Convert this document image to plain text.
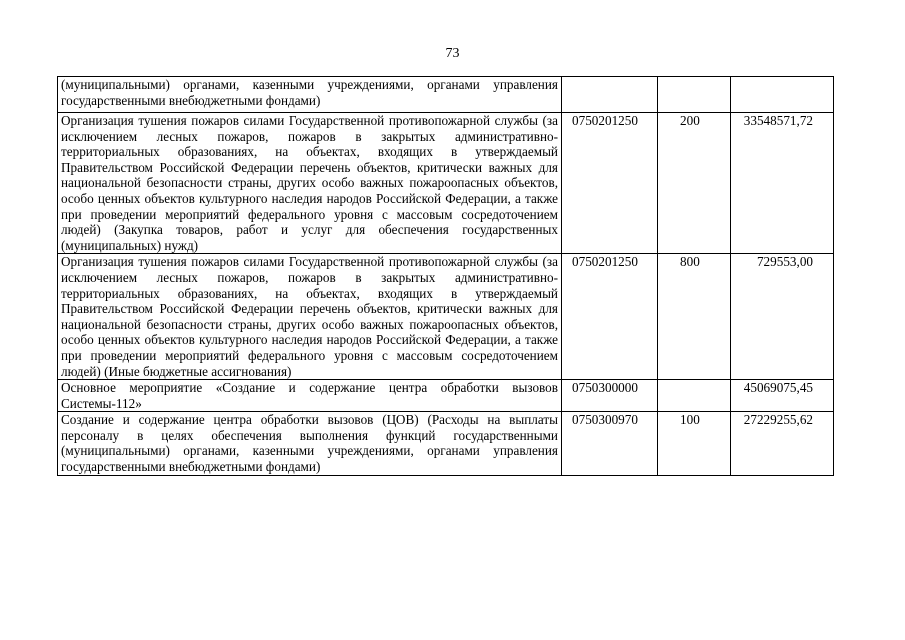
73
(муниципальными) органами, казенными учреждениями, органами управления государственными внебюджетными фондами)			
Организация тушения пожаров силами Государственной противопожарной службы (за исключением лесных пожаров, пожаров в закрытых административно-территориальных образованиях, на объектах, входящих в утверждаемый Правительством Российской Федерации перечень объектов, критически важных для национальной безопасности страны, других особо важных пожароопасных объектов, особо ценных объектов культурного наследия народов Российской Федерации, а также при проведении мероприятий федерального уровня с массовым сосредоточением людей) (Закупка товаров, работ и услуг для обеспечения государственных (муниципальных) нужд)	0750201250	200	33548571,72
Организация тушения пожаров силами Государственной противопожарной службы (за исключением лесных пожаров, пожаров в закрытых административно-территориальных образованиях, на объектах, входящих в утверждаемый Правительством Российской Федерации перечень объектов, критически важных для национальной безопасности страны, других особо важных пожароопасных объектов, особо ценных объектов культурного наследия народов Российской Федерации, а также при проведении мероприятий федерального уровня с массовым сосредоточением людей) (Иные бюджетные ассигнования)	0750201250	800	729553,00
Основное мероприятие «Создание и содержание центра обработки вызовов Системы-112»	0750300000		45069075,45
Создание и содержание центра обработки вызовов (ЦОВ) (Расходы на выплаты персоналу в целях обеспечения выполнения функций государственными (муниципальными) органами, казенными учреждениями, органами управления государственными внебюджетными фондами)	0750300970	100	27229255,62
